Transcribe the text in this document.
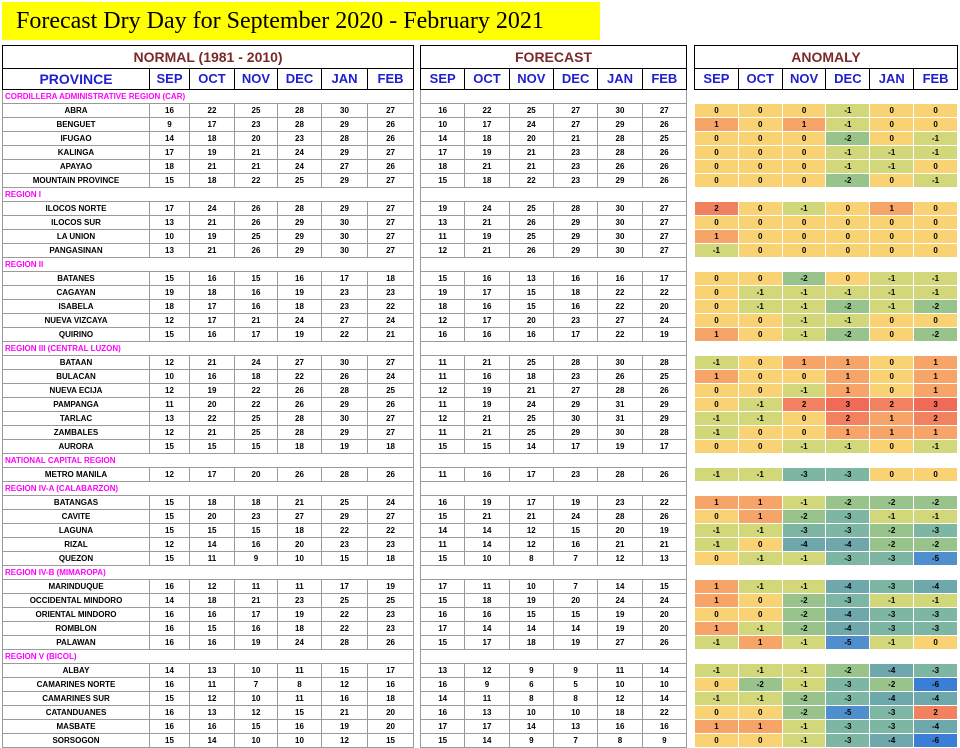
Forecast Dry Day for September 2020 - February 2021
NORMAL (1981 - 2010)						
PROVINCE	SEP	OCT	NOV	DEC	JAN	FEB
CORDILLERA ADMINISTRATIVE REGION (CAR)						
ABRA	16	22	25	28	30	27
BENGUET	9	17	23	28	29	26
IFUGAO	14	18	20	23	28	26
KALINGA	17	19	21	24	29	27
APAYAO	18	21	21	24	27	26
MOUNTAIN PROVINCE	15	18	22	25	29	27
REGION I						
ILOCOS NORTE	17	24	26	28	29	27
ILOCOS SUR	13	21	26	29	30	27
LA UNION	10	19	25	29	30	27
PANGASINAN	13	21	26	29	30	27
REGION II						
BATANES	15	16	15	16	17	18
CAGAYAN	19	18	16	19	23	23
ISABELA	18	17	16	18	23	22
NUEVA VIZCAYA	12	17	21	24	27	24
QUIRINO	15	16	17	19	22	21
REGION III (CENTRAL LUZON)						
BATAAN	12	21	24	27	30	27
BULACAN	10	16	18	22	26	24
NUEVA ECIJA	12	19	22	26	28	25
PAMPANGA	11	20	22	26	29	26
TARLAC	13	22	25	28	30	27
ZAMBALES	12	21	25	28	29	27
AURORA	15	15	15	18	19	18
NATIONAL CAPITAL REGION						
METRO MANILA	12	17	20	26	28	26
REGION IV-A (CALABARZON)						
BATANGAS	15	18	18	21	25	24
CAVITE	15	20	23	27	29	27
LAGUNA	15	15	15	18	22	22
RIZAL	12	14	16	20	23	23
QUEZON	15	11	9	10	15	18
REGION IV-B (MIMAROPA)						
MARINDUQUE	16	12	11	11	17	19
OCCIDENTAL MINDORO	14	18	21	23	25	25
ORIENTAL MINDORO	16	16	17	19	22	23
ROMBLON	16	15	16	18	22	23
PALAWAN	16	16	19	24	28	26
REGION V (BICOL)						
ALBAY	14	13	10	11	15	17
CAMARINES NORTE	16	11	7	8	12	16
CAMARINES SUR	15	12	10	11	16	18
CATANDUANES	16	13	12	15	21	20
MASBATE	16	16	15	16	19	20
SORSOGON	15	14	10	10	12	15
FORECAST					
SEP	OCT	NOV	DEC	JAN	FEB

16	22	25	27	30	27
10	17	24	27	29	26
14	18	20	21	28	25
17	19	21	23	28	26
18	21	21	23	26	26
15	18	22	23	29	26

19	24	25	28	30	27
13	21	26	29	30	27
11	19	25	29	30	27
12	21	26	29	30	27

15	16	13	16	16	17
19	17	15	18	22	22
18	16	15	16	22	20
12	17	20	23	27	24
16	16	16	17	22	19

11	21	25	28	30	28
11	16	18	23	26	25
12	19	21	27	28	26
11	19	24	29	31	29
12	21	25	30	31	29
11	21	25	29	30	28
15	15	14	17	19	17

11	16	17	23	28	26

16	19	17	19	23	22
15	21	21	24	28	26
14	14	12	15	20	19
11	14	12	16	21	21
15	10	8	7	12	13

17	11	10	7	14	15
15	18	19	20	24	24
16	16	15	15	19	20
17	14	14	14	19	20
15	17	18	19	27	26

13	12	9	9	11	14
16	9	6	5	10	10
14	11	8	8	12	14
16	13	10	10	18	22
17	17	14	13	16	16
15	14	9	7	8	9
ANOMALY					
SEP	OCT	NOV	DEC	JAN	FEB

0	0	0	-1	0	0
1	0	1	-1	0	0
0	0	0	-2	0	-1
0	0	0	-1	-1	-1
0	0	0	-1	-1	0
0	0	0	-2	0	-1

2	0	-1	0	1	0
0	0	0	0	0	0
1	0	0	0	0	0
-1	0	0	0	0	0

0	0	-2	0	-1	-1
0	-1	-1	-1	-1	-1
0	-1	-1	-2	-1	-2
0	0	-1	-1	0	0
1	0	-1	-2	0	-2

-1	0	1	1	0	1
1	0	0	1	0	1
0	0	-1	1	0	1
0	-1	2	3	2	3
-1	-1	0	2	1	2
-1	0	0	1	1	1
0	0	-1	-1	0	-1

-1	-1	-3	-3	0	0

1	1	-1	-2	-2	-2
0	1	-2	-3	-1	-1
-1	-1	-3	-3	-2	-3
-1	0	-4	-4	-2	-2
0	-1	-1	-3	-3	-5

1	-1	-1	-4	-3	-4
1	0	-2	-3	-1	-1
0	0	-2	-4	-3	-3
1	-1	-2	-4	-3	-3
-1	1	-1	-5	-1	0

-1	-1	-1	-2	-4	-3
0	-2	-1	-3	-2	-6
-1	-1	-2	-3	-4	-4
0	0	-2	-5	-3	2
1	1	-1	-3	-3	-4
0	0	-1	-3	-4	-6
